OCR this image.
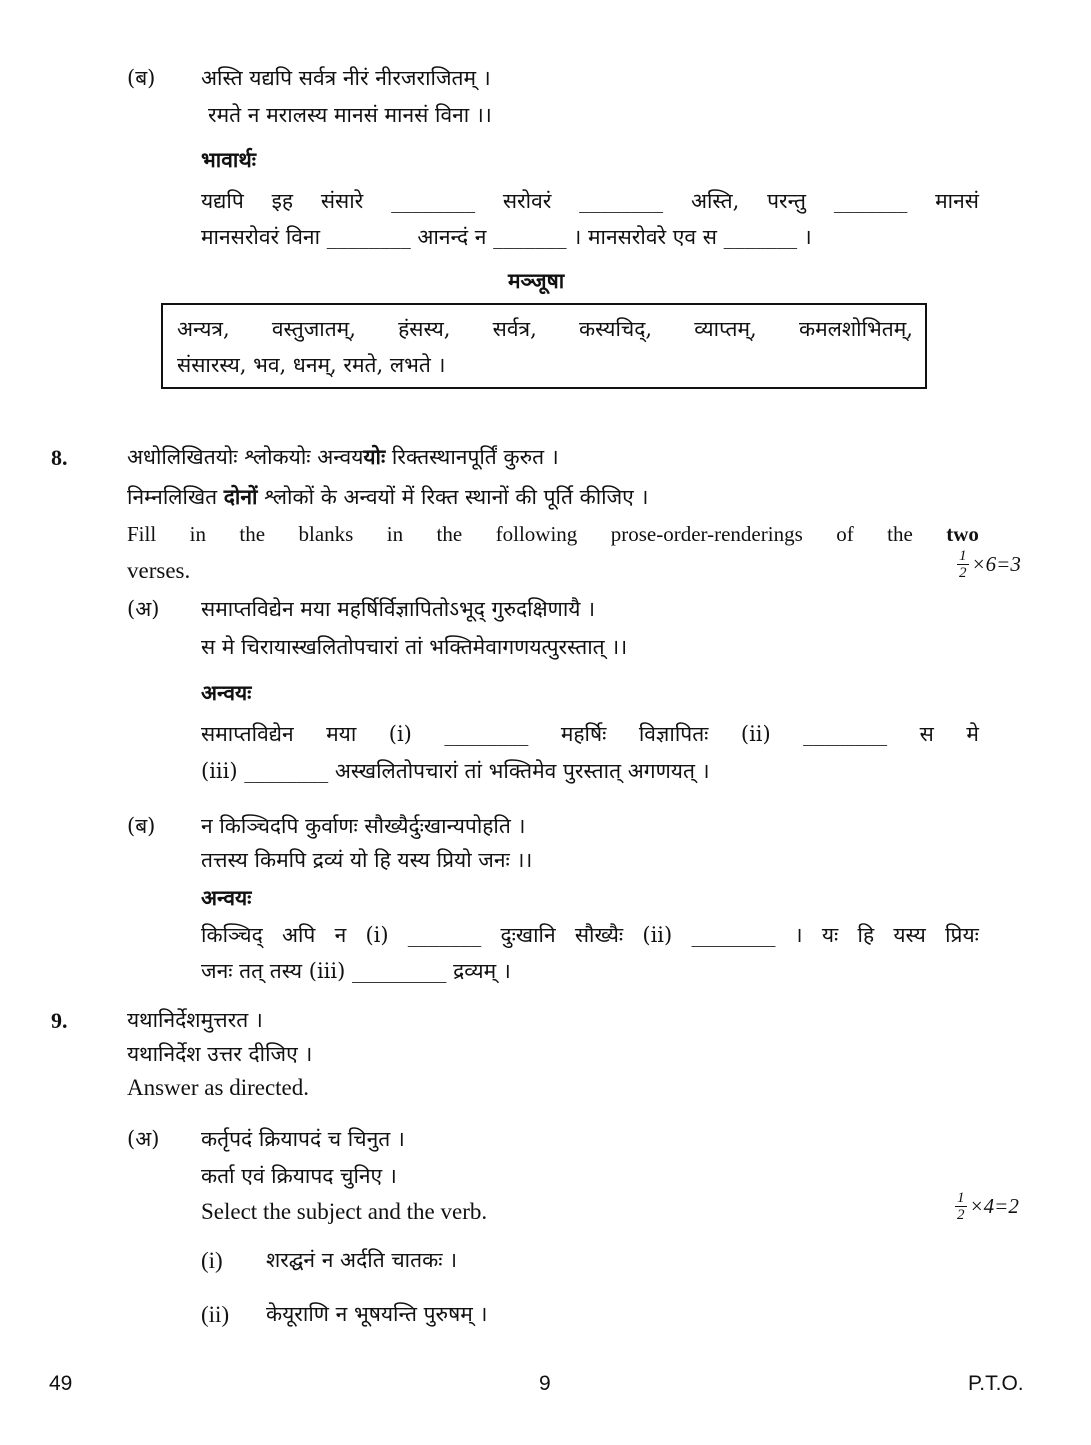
(ब) अस्ति यद्यपि सर्वत्र नीरं नीरजराजितम् ।
रमते न मरालस्य मानसं मानसं विना ।।
भावार्थः
यद्यपि इह संसारे ________ सरोवरं ________ अस्ति, परन्तु _______ मानसं
मानसरोवरं विना ________ आनन्दं न _______ । मानसरोवरे एव स _______ ।
मञ्जूषा
अन्यत्र, वस्तुजातम्, हंसस्य, सर्वत्र, कस्यचिद्, व्याप्तम्, कमलशोभितम्,
संसारस्य, भव, धनम्, रमते, लभते ।
8.	अधोलिखितयोः श्लोकयोः अन्वययोः रिक्तस्थानपूर्तिं कुरुत ।
निम्नलिखित दोनों श्लोकों के अन्वयों में रिक्त स्थानों की पूर्ति कीजिए ।
Fill in the blanks in the following prose-order-renderings of the two
verses.	$\frac{1}{2} \times 6=3$
(अ) समाप्तविद्येन मया महर्षिर्विज्ञापितोऽभूद् गुरुदक्षिणायै ।
स मे चिरायास्खलितोपचारां तां भक्तिमेवागणयत्पुरस्तात् ।।
अन्वयः
समाप्तविद्येन मया (i) ________ महर्षिः विज्ञापितः (ii) ________ स मे
(iii) ________ अस्खलितोपचारां तां भक्तिमेव पुरस्तात् अगणयत् ।
(ब) न किञ्चिदपि कुर्वाणः सौख्यैर्दुःखान्यपोहति ।
तत्तस्य किमपि द्रव्यं यो हि यस्य प्रियो जनः ।।
अन्वयः
किञ्चिद् अपि न (i) _______ दुःखानि सौख्यैः (ii) ________ । यः हि यस्य प्रियः
जनः तत् तस्य (iii) _________ द्रव्यम् ।
9.	यथानिर्देशमुत्तरत ।
यथानिर्देश उत्तर दीजिए ।
Answer as directed.
(अ) कर्तृपदं क्रियापदं च चिनुत ।
कर्ता एवं क्रियापद चुनिए ।
Select the subject and the verb.	$\frac{1}{2} \times 4=2$
(i) शरद्घनं न अर्दति चातकः ।
(ii) केयूराणि न भूषयन्ति पुरुषम् ।
49	9	P.T.O.
